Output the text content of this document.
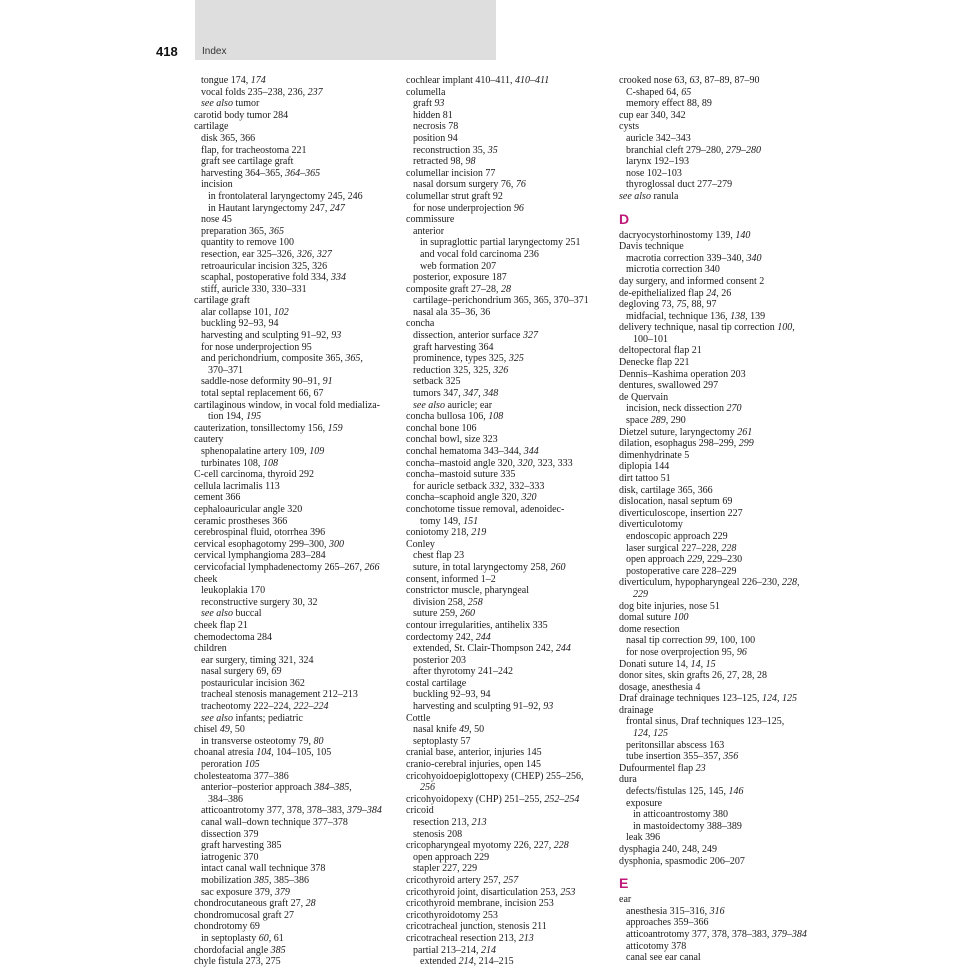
418 Index
tongue 174, 174
vocal folds 235–238, 236, 237
see also tumor
carotid body tumor 284
cartilage
disk 365, 366
flap, for tracheostoma 221
graft see cartilage graft
harvesting 364–365, 364–365
incision
in frontolateral laryngectomy 245, 246
in Hautant laryngectomy 247, 247
nose 45
preparation 365, 365
quantity to remove 100
resection, ear 325–326, 326, 327
retroauricular incision 325, 326
scaphal, postoperative fold 334, 334
stiff, auricle 330, 330–331
cartilage graft
alar collapse 101, 102
buckling 92–93, 94
harvesting and sculpting 91–92, 93
for nose underprojection 95
and perichondrium, composite 365, 365,
370–371
saddle-nose deformity 90–91, 91
total septal replacement 66, 67
cartilaginous window, in vocal fold medializa-
tion 194, 195
cauterization, tonsillectomy 156, 159
cautery
sphenopalatine artery 109, 109
turbinates 108, 108
C-cell carcinoma, thyroid 292
cellula lacrimalis 113
cement 366
cephaloauricular angle 320
ceramic prostheses 366
cerebrospinal fluid, otorrhea 396
cervical esophagotomy 299–300, 300
cervical lymphangioma 283–284
cervicofacial lymphadenectomy 265–267, 266
cheek
leukoplakia 170
reconstructive surgery 30, 32
see also buccal
cheek flap 21
chemodectoma 284
children
ear surgery, timing 321, 324
nasal surgery 69, 69
postauricular incision 362
tracheal stenosis management 212–213
tracheotomy 222–224, 222–224
see also infants; pediatric
chisel 49, 50
in transverse osteotomy 79, 80
choanal atresia 104, 104–105, 105
peroration 105
cholesteatoma 377–386
anterior–posterior approach 384–385,
384–386
atticoantrotomy 377, 378, 378–383, 379–384
canal wall–down technique 377–378
dissection 379
graft harvesting 385
iatrogenic 370
intact canal wall technique 378
mobilization 385, 385–386
sac exposure 379, 379
chondrocutaneous graft 27, 28
chondromucosal graft 27
chondrotomy 69
in septoplasty 60, 61
chordofacial angle 385
chyle fistula 273, 275
cochlear implant 410–411, 410–411
columella
graft 93
hidden 81
necrosis 78
position 94
reconstruction 35, 35
retracted 98, 98
columellar incision 77
nasal dorsum surgery 76, 76
columellar strut graft 92
for nose underprojection 96
commissure
anterior
in supraglottic partial laryngectomy 251
and vocal fold carcinoma 236
web formation 207
posterior, exposure 187
composite graft 27–28, 28
cartilage–perichondrium 365, 365, 370–371
nasal ala 35–36, 36
concha
dissection, anterior surface 327
graft harvesting 364
prominence, types 325, 325
reduction 325, 325, 326
setback 325
tumors 347, 347, 348
see also auricle; ear
concha bullosa 106, 108
conchal bone 106
conchal bowl, size 323
conchal hematoma 343–344, 344
concha–mastoid angle 320, 320, 323, 333
concha–mastoid suture 335
for auricle setback 332, 332–333
concha–scaphoid angle 320, 320
conchotome tissue removal, adenoidec-
tomy 149, 151
coniotomy 218, 219
Conley
chest flap 23
suture, in total laryngectomy 258, 260
consent, informed 1–2
constrictor muscle, pharyngeal
division 258, 258
suture 259, 260
contour irregularities, antihelix 335
cordectomy 242, 244
extended, St. Clair-Thompson 242, 244
posterior 203
after thyrotomy 241–242
costal cartilage
buckling 92–93, 94
harvesting and sculpting 91–92, 93
Cottle
nasal knife 49, 50
septoplasty 57
cranial base, anterior, injuries 145
cranio-cerebral injuries, open 145
cricohyoidoepiglottopexy (CHEP) 255–256,
256
cricohyoidopexy (CHP) 251–255, 252–254
cricoid
resection 213, 213
stenosis 208
cricopharyngeal myotomy 226, 227, 228
open approach 229
stapler 227, 229
cricothyroid artery 257, 257
cricothyroid joint, disarticulation 253, 253
cricothyroid membrane, incision 253
cricothyroidotomy 253
cricotracheal junction, stenosis 211
cricotracheal resection 213, 213
partial 213–214, 214
extended 214, 214–215
crooked nose 63, 63, 87–89, 87–90
C-shaped 64, 65
memory effect 88, 89
cup ear 340, 342
cysts
auricle 342–343
branchial cleft 279–280, 279–280
larynx 192–193
nose 102–103
thyroglossal duct 277–279
see also ranula
D
dacryocystorhinostomy 139, 140
Davis technique
macrotia correction 339–340, 340
microtia correction 340
day surgery, and informed consent 2
de-epithelialized flap 24, 26
degloving 73, 75, 88, 97
midfacial, technique 136, 138, 139
delivery technique, nasal tip correction 100,
100–101
deltopectoral flap 21
Denecke flap 221
Dennis–Kashima operation 203
dentures, swallowed 297
de Quervain
incision, neck dissection 270
space 289, 290
Dietzel suture, laryngectomy 261
dilation, esophagus 298–299, 299
dimenhydrinate 5
diplopia 144
dirt tattoo 51
disk, cartilage 365, 366
dislocation, nasal septum 69
diverticuloscope, insertion 227
diverticulotomy
endoscopic approach 229
laser surgical 227–228, 228
open approach 229, 229–230
postoperative care 228–229
diverticulum, hypopharyngeal 226–230, 228,
229
dog bite injuries, nose 51
domal suture 100
dome resection
nasal tip correction 99, 100, 100
for nose overprojection 95, 96
Donati suture 14, 14, 15
donor sites, skin grafts 26, 27, 28, 28
dosage, anesthesia 4
Draf drainage techniques 123–125, 124, 125
drainage
frontal sinus, Draf techniques 123–125,
124, 125
peritonsillar abscess 163
tube insertion 355–357, 356
Dufourmentel flap 23
dura
defects/fistulas 125, 145, 146
exposure
in atticoantrostomy 380
in mastoidectomy 388–389
leak 396
dysphagia 240, 248, 249
dysphonia, spasmodic 206–207
E
ear
anesthesia 315–316, 316
approaches 359–366
atticoantrotomy 377, 378, 378–383, 379–384
atticotomy 378
canal see ear canal
